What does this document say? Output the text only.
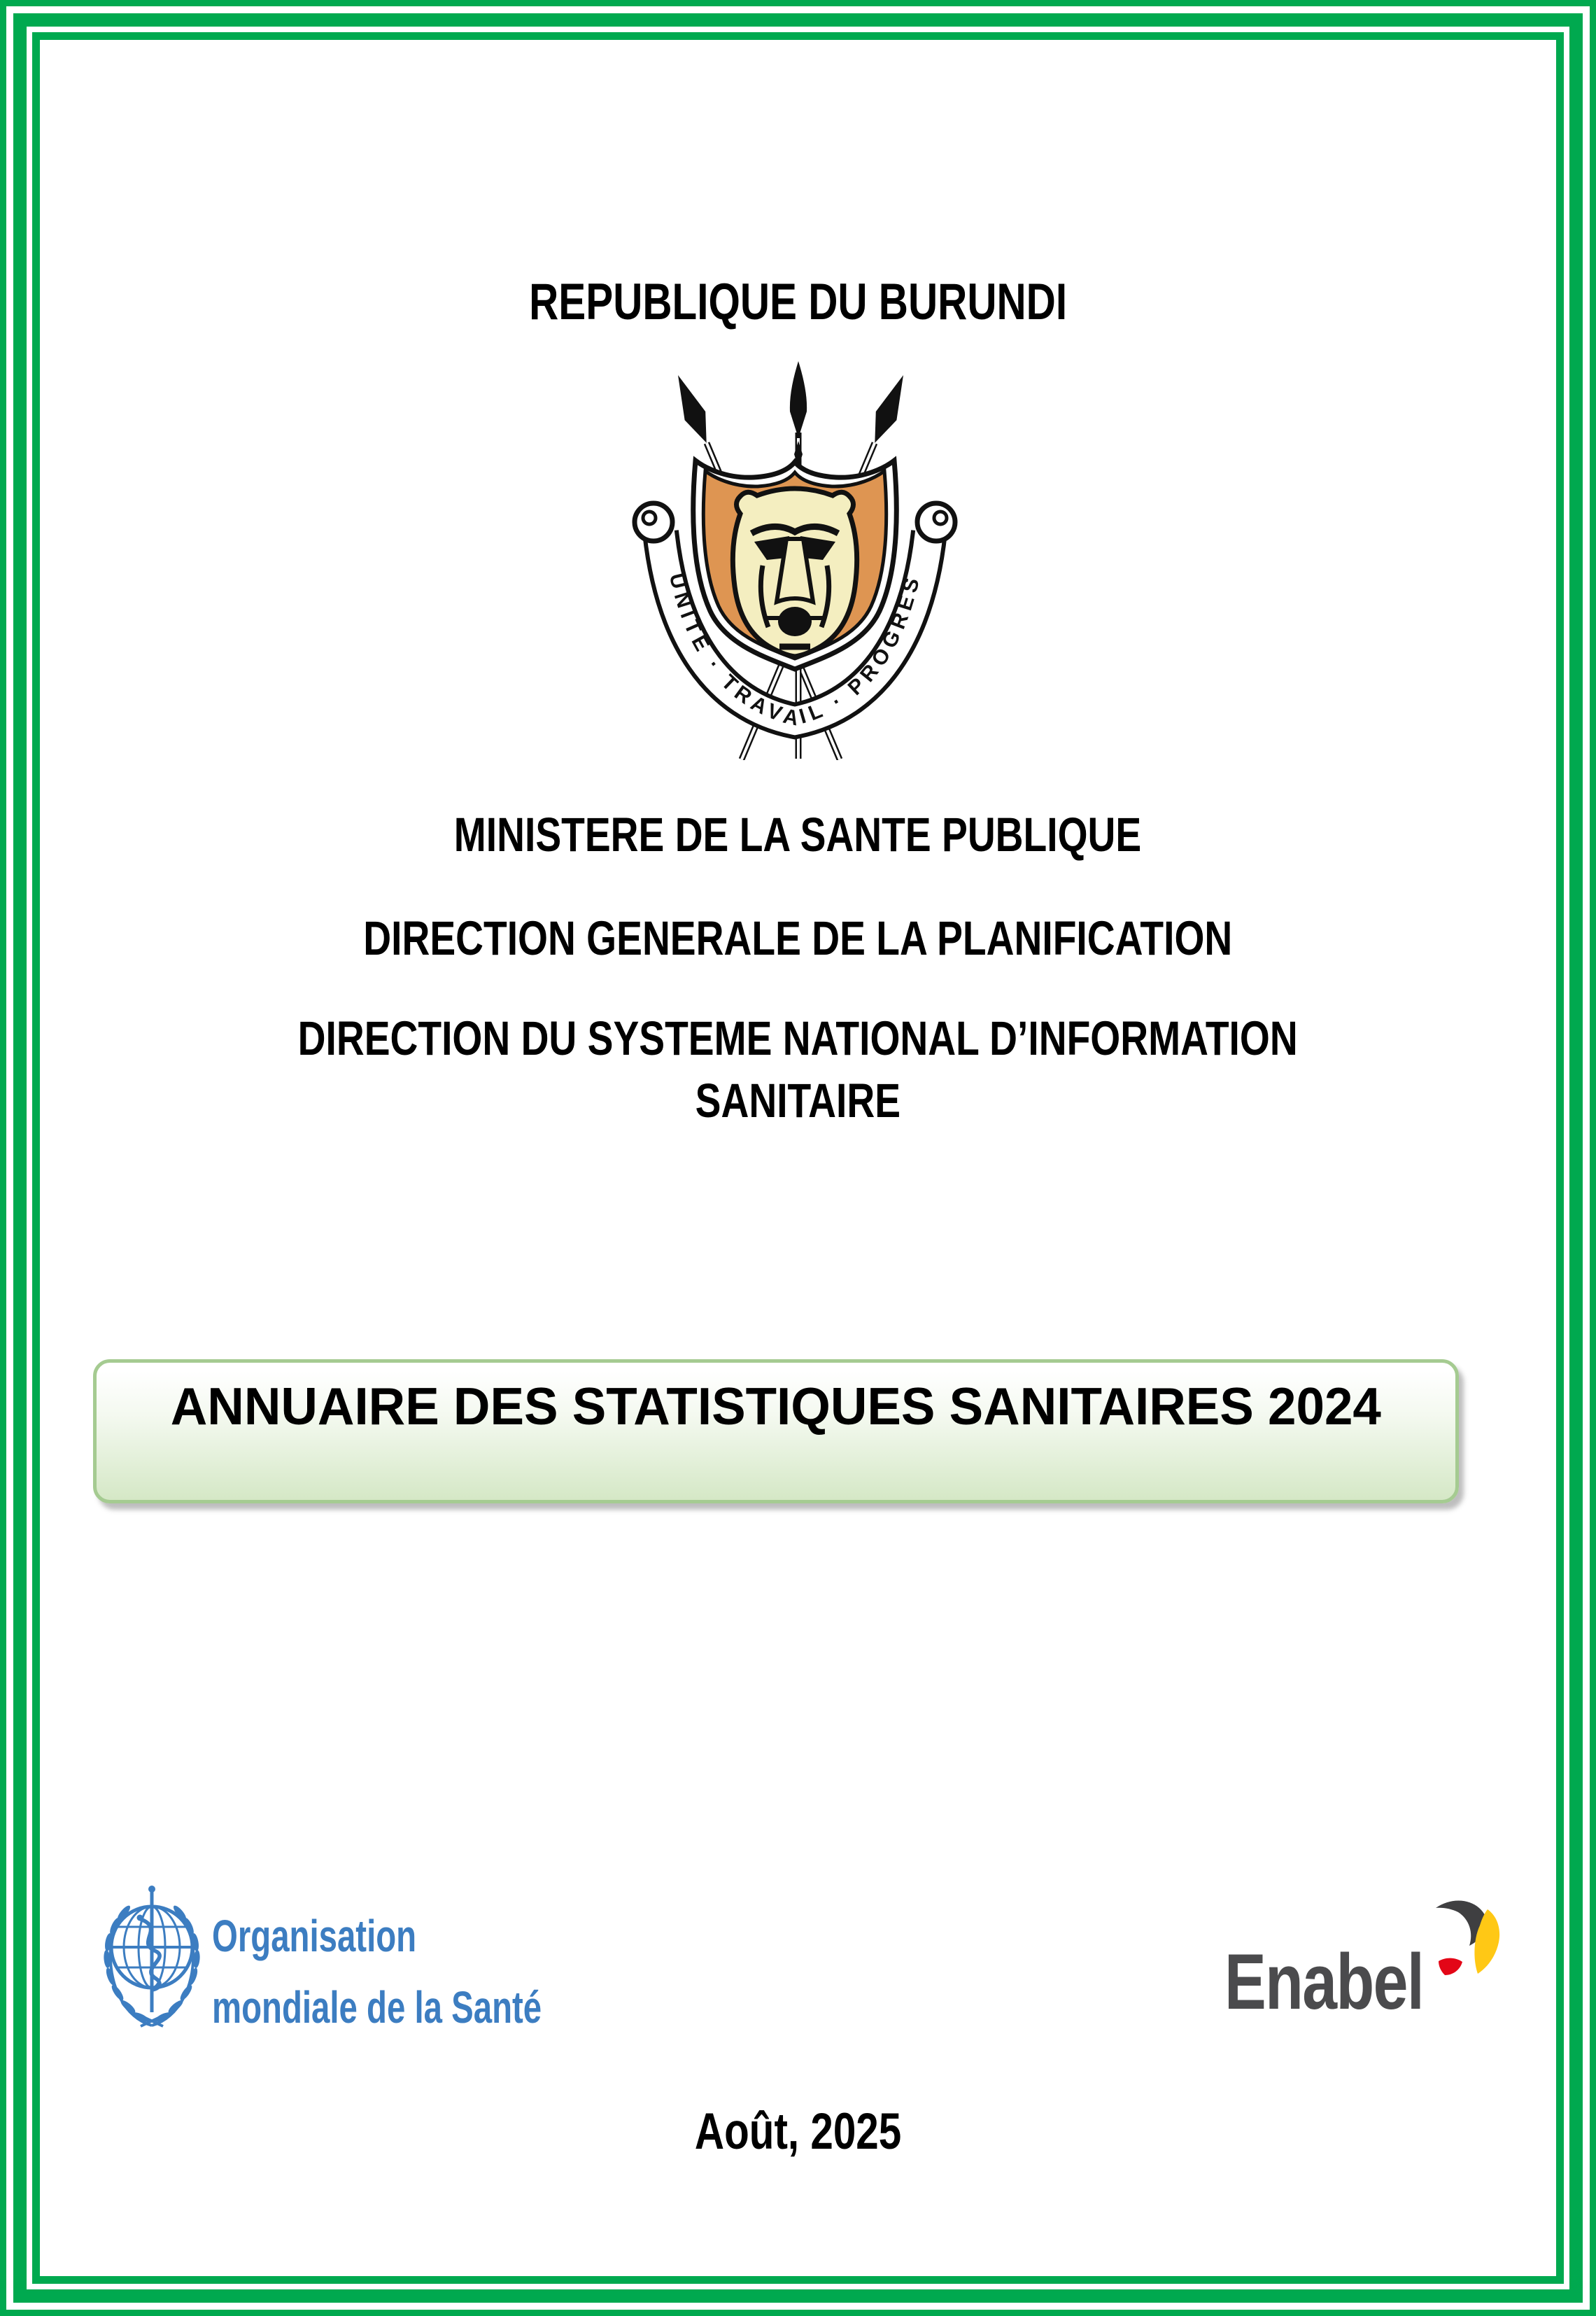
REPUBLIQUE DU BURUNDI
UNITE · TRAVAIL · PROGRES
MINISTERE DE LA SANTE PUBLIQUE
DIRECTION GENERALE DE LA PLANIFICATION
DIRECTION DU SYSTEME NATIONAL D’INFORMATION
SANITAIRE
ANNUAIRE DES STATISTIQUES SANITAIRES 2024
Organisation
mondiale de la Santé	Enabel
Août, 2025
